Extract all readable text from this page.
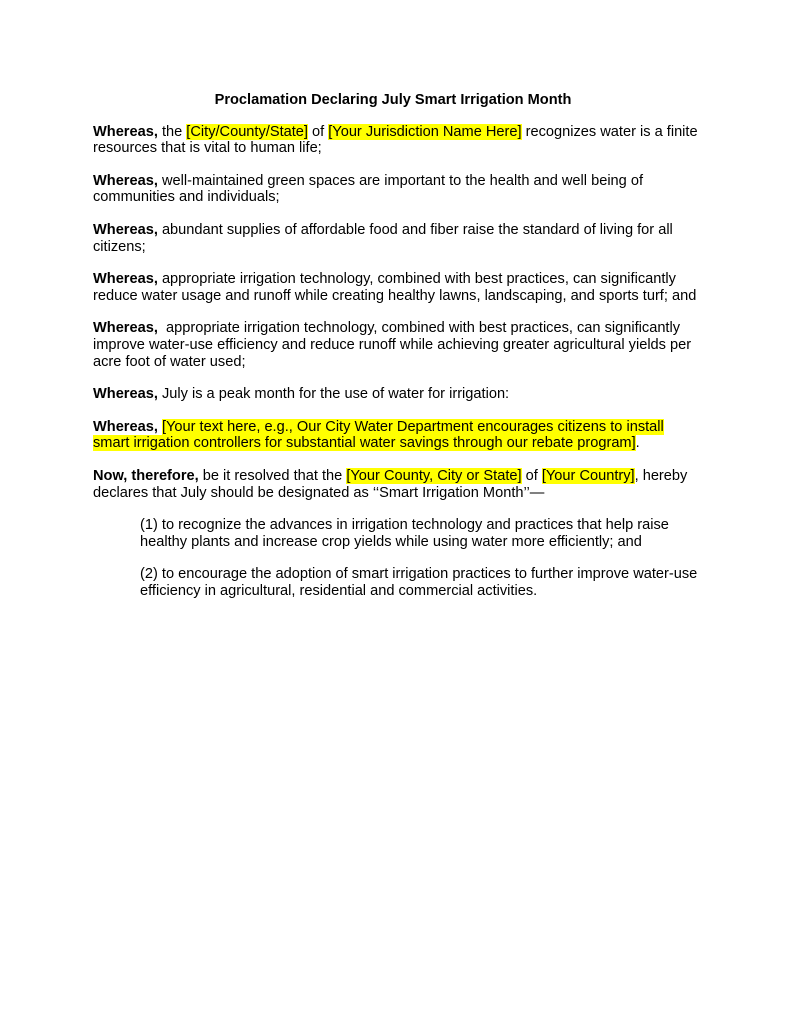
Proclamation Declaring July Smart Irrigation Month

Whereas, the [City/County/State] of [Your Jurisdiction Name Here] recognizes water is a finite resources that is vital to human life;

Whereas, well-maintained green spaces are important to the health and well being of communities and individuals;

Whereas, abundant supplies of affordable food and fiber raise the standard of living for all citizens;

Whereas, appropriate irrigation technology, combined with best practices, can significantly reduce water usage and runoff while creating healthy lawns, landscaping, and sports turf; and

Whereas,  appropriate irrigation technology, combined with best practices, can significantly improve water-use efficiency and reduce runoff while achieving greater agricultural yields per acre foot of water used;

Whereas, July is a peak month for the use of water for irrigation:

Whereas, [Your text here, e.g., Our City Water Department encourages citizens to install smart irrigation controllers for substantial water savings through our rebate program].

Now, therefore, be it resolved that the [Your County, City or State] of [Your Country], hereby declares that July should be designated as ‘‘Smart Irrigation Month’’—

(1) to recognize the advances in irrigation technology and practices that help raise healthy plants and increase crop yields while using water more efficiently; and

(2) to encourage the adoption of smart irrigation practices to further improve water-use efficiency in agricultural, residential and commercial activities.
